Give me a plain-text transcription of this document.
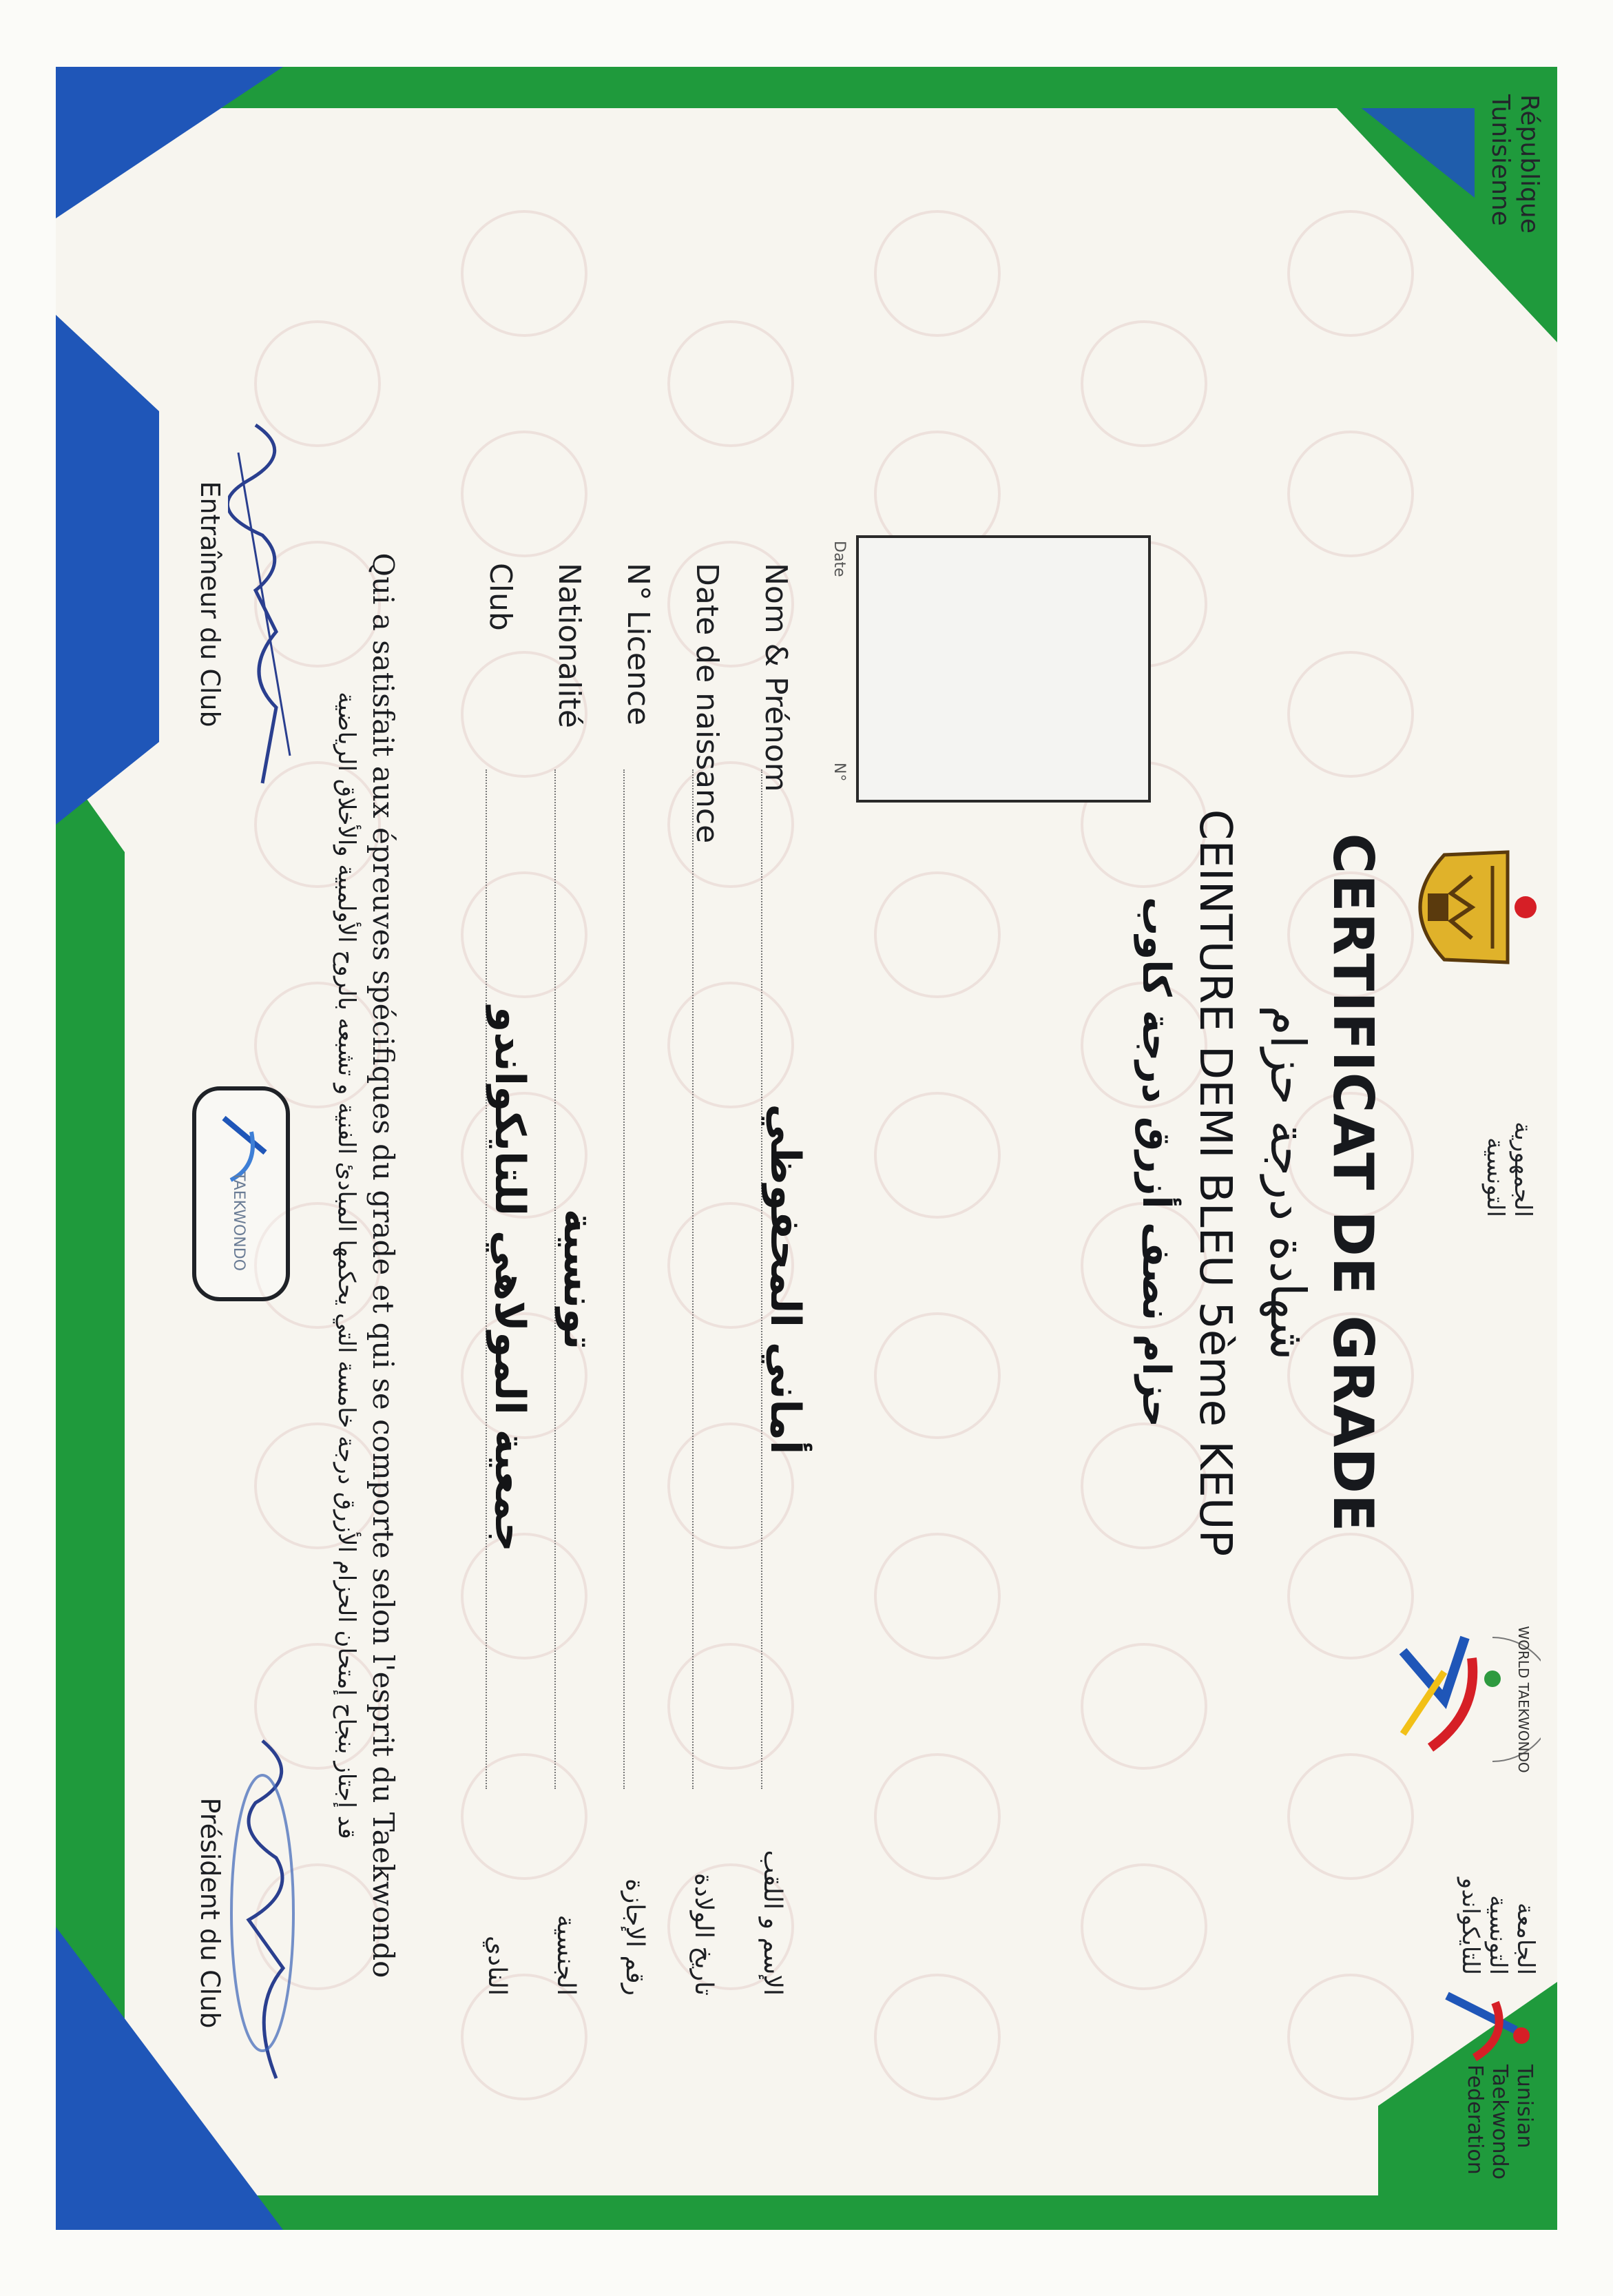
République
Tunisienne
الجمهورية
التونسية
WORLD TAEKWONDO
الجامعة
التونسية
للتايكواندو
Tunisian
Taekwondo
Federation
CERTIFICAT DE GRADE
شهادة درجة حزام
CEINTURE DEMI BLEU 5ème KEUP
حزام نصف أزرق درجة كاوب
Date
N°
Nom & Prénom
أماني المحفوظي
الإسم و اللقب
Date de naissance
تاريخ الولادة
N° Licence
رقم الإجازة
Nationalité
تونسية
الجنسية
Club
جمعية المولاهي للتايكواندو
النادي
Qui a satisfait aux épreuves spécifiques du grade et qui se comporte selon l'esprit du Taekwondo
قد إجتاز بنجاح إمتحان الحزام الأزرق درجة خامسة التي يحكمها المبادئ الفنية و تشبعه بالروح الأولمبية والأخلاق الرياضية
Entraîneur du Club
TAEKWONDO
Président du Club
